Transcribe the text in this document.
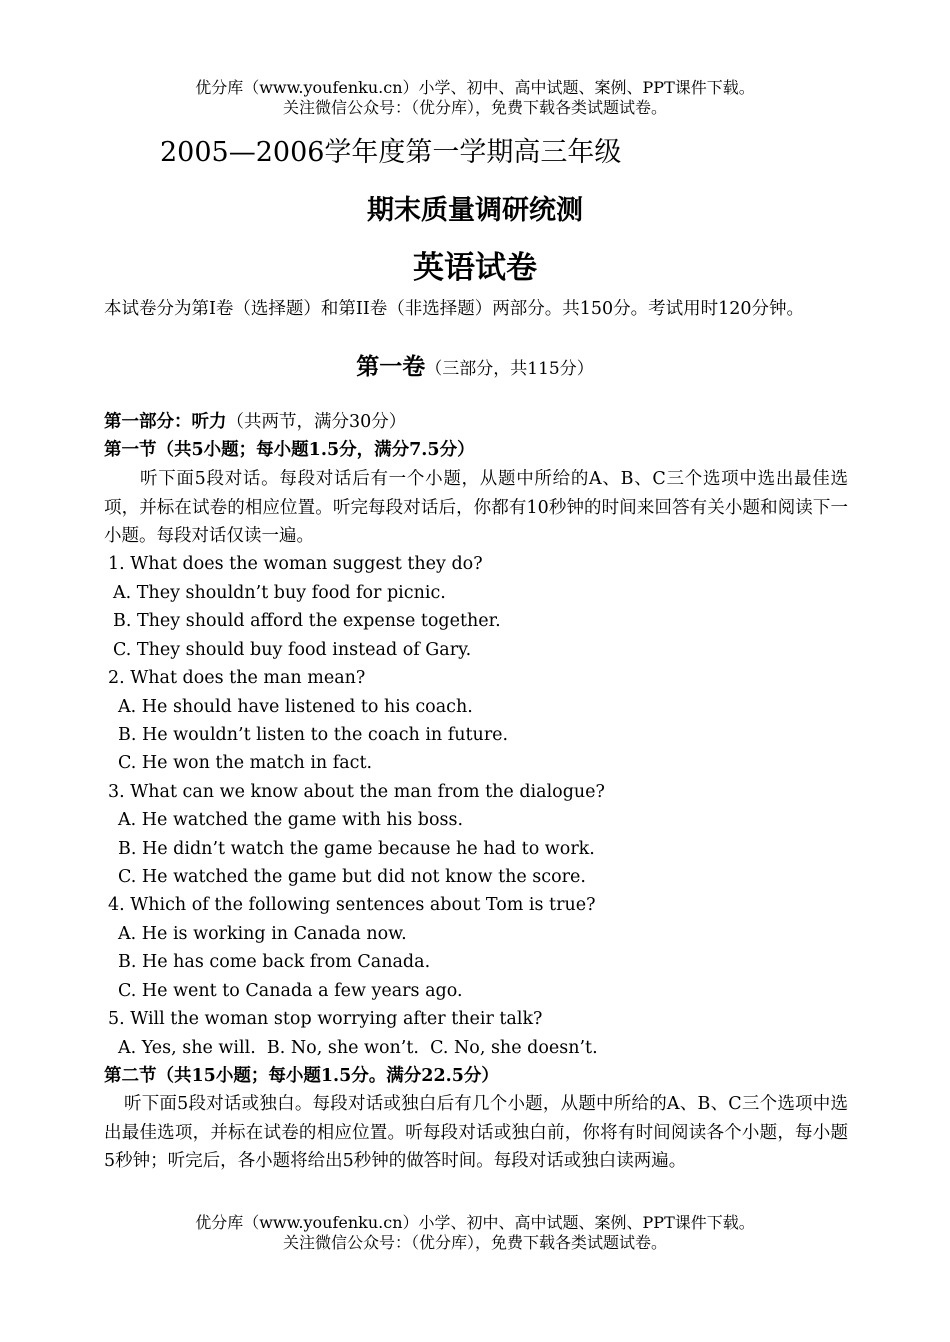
优分库（www.youfenku.cn）小学、初中、高中试题、案例、PPT课件下载。
关注微信公众号：（优分库），免费下载各类试题试卷。
2005—2006学年度第一学期高三年级
期末质量调研统测
英语试卷
本试卷分为第I卷（选择题）和第II卷（非选择题）两部分。共150分。考试用时120分钟。
第一卷（三部分，共115分）
第一部分：听力（共两节，满分30分）
第一节（共5小题；每小题1.5分，满分7.5分）
听下面5段对话。每段对话后有一个小题，从题中所给的A、B、C三个选项中选出最佳选项，并标在试卷的相应位置。听完每段对话后，你都有10秒钟的时间来回答有关小题和阅读下一小题。每段对话仅读一遍。
1. What does the woman suggest they do?
A. They shouldn’t buy food for picnic.
B. They should afford the expense together.
C. They should buy food instead of Gary.
2. What does the man mean?
A. He should have listened to his coach.
B. He wouldn’t listen to the coach in future.
C. He won the match in fact.
3. What can we know about the man from the dialogue?
A. He watched the game with his boss.
B. He didn’t watch the game because he had to work.
C. He watched the game but did not know the score.
4. Which of the following sentences about Tom is true?
A. He is working in Canada now.
B. He has come back from Canada.
C. He went to Canada a few years ago.
5. Will the woman stop worrying after their talk?
A. Yes, she will.  B. No, she won’t.  C. No, she doesn’t.
第二节（共15小题；每小题1.5分。满分22.5分）
听下面5段对话或独白。每段对话或独白后有几个小题，从题中所给的A、B、C三个选项中选出最佳选项，并标在试卷的相应位置。听每段对话或独白前，你将有时间阅读各个小题，每小题5秒钟；听完后，各小题将给出5秒钟的做答时间。每段对话或独白读两遍。
优分库（www.youfenku.cn）小学、初中、高中试题、案例、PPT课件下载。
关注微信公众号：（优分库），免费下载各类试题试卷。
